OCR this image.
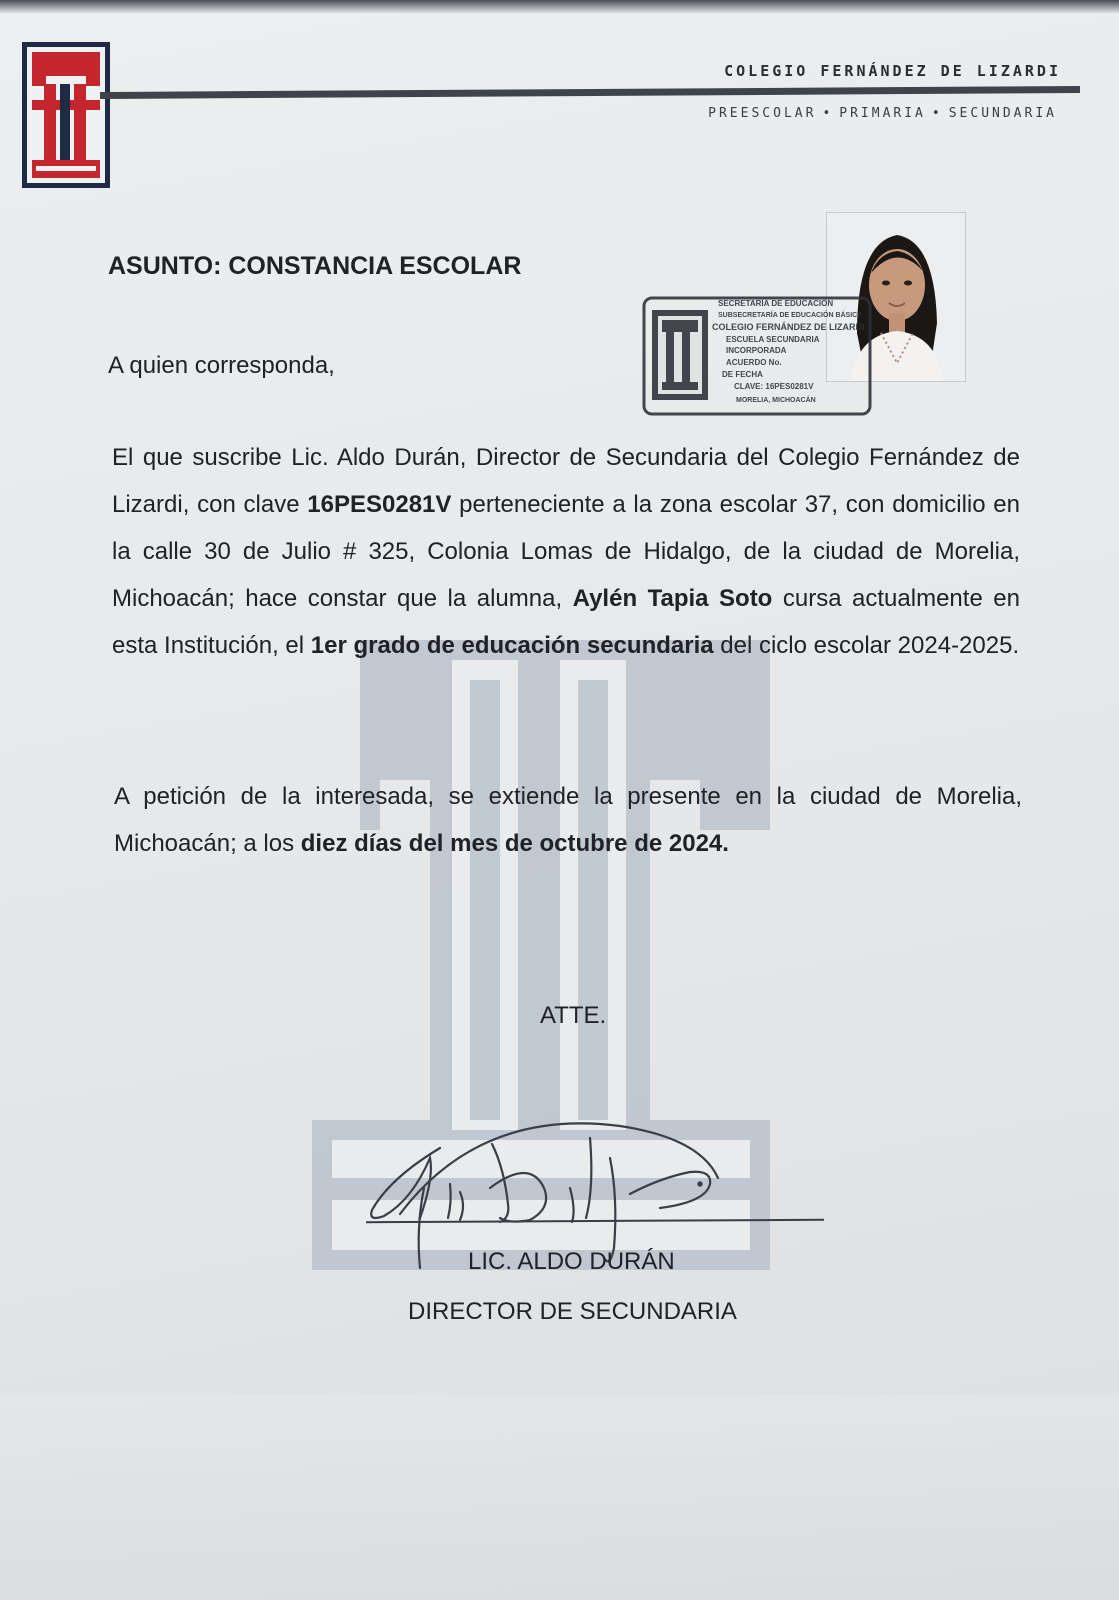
COLEGIO FERNÁNDEZ DE LIZARDI
PREESCOLAR • PRIMARIA • SECUNDARIA
SECRETARÍA DE EDUCACIÓN
SUBSECRETARÍA DE EDUCACIÓN BÁSICA
COLEGIO FERNÁNDEZ DE LIZARDI
ESCUELA SECUNDARIA
INCORPORADA
ACUERDO No.
DE FECHA
CLAVE: 16PES0281V
MORELIA, MICHOACÁN
ASUNTO: CONSTANCIA ESCOLAR
A quien corresponda,
El que suscribe Lic. Aldo Durán, Director de Secundaria del Colegio Fernández de Lizardi, con clave 16PES0281V perteneciente a la zona escolar 37, con domicilio en la calle 30 de Julio # 325, Colonia Lomas de Hidalgo, de la ciudad de Morelia, Michoacán; hace constar que la alumna, Aylén Tapia Soto cursa actualmente en esta Institución, el 1er grado de educación secundaria del ciclo escolar 2024-2025.
A petición de la interesada, se extiende la presente en la ciudad de Morelia, Michoacán; a los diez días del mes de octubre de 2024.
ATTE.
LIC. ALDO DURÁN
DIRECTOR DE SECUNDARIA
